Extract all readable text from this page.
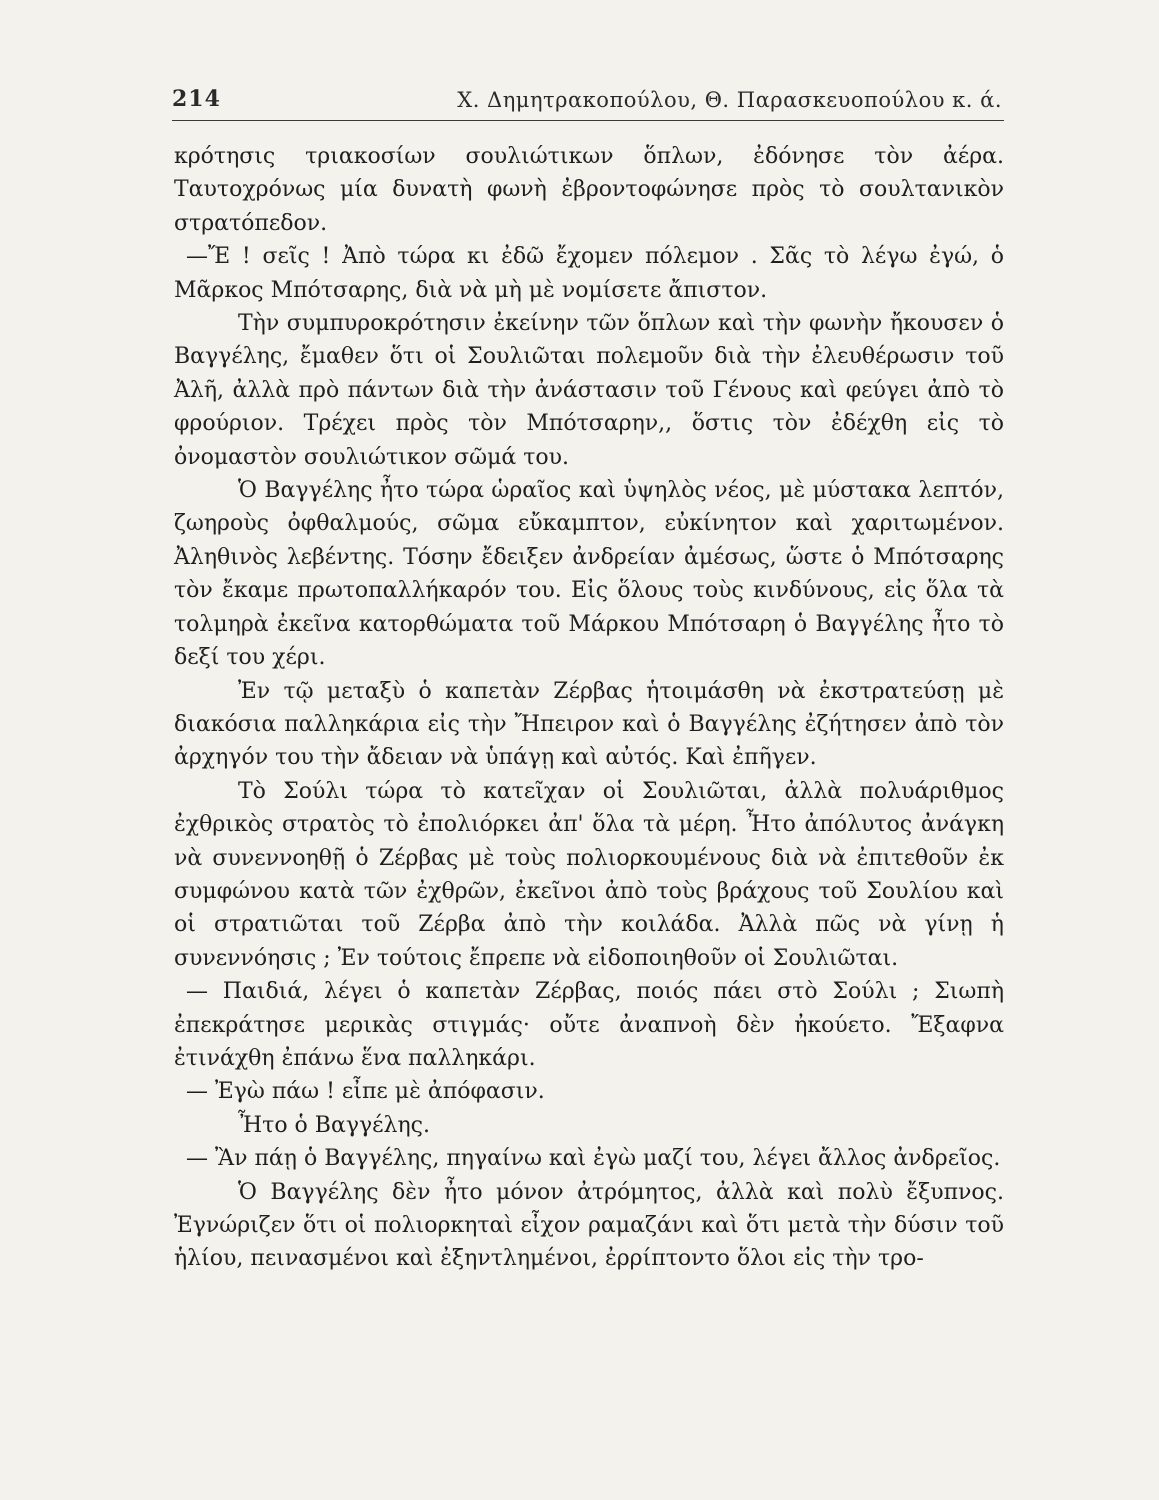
214	Χ. Δημητρακοπούλου, Θ. Παρασκευοπούλου κ. ά.

κρότησις τριακοσίων σουλιώτικων ὅπλων, ἐδόνησε τὸν ἀέρα. Ταυτοχρόνως μία δυνατὴ φωνὴ ἐβροντοφώνησε πρὸς τὸ σουλτανικὸν στρατόπεδον.

—Ἔ ! σεῖς ! Ἀπὸ τώρα κι ἐδῶ ἔχομεν πόλεμον . Σᾶς τὸ λέγω ἐγώ, ὁ Μᾶρκος Μπότσαρης, διὰ νὰ μὴ μὲ νομίσετε ἄπιστον.

Τὴν συμπυροκρότησιν ἐκείνην τῶν ὅπλων καὶ τὴν φωνὴν ἤκουσεν ὁ Βαγγέλης, ἔμαθεν ὅτι οἱ Σουλιῶται πολεμοῦν διὰ τὴν ἐλευθέρωσιν τοῦ Ἀλῆ, ἀλλὰ πρὸ πάντων διὰ τὴν ἀνάστασιν τοῦ Γένους καὶ φεύγει ἀπὸ τὸ φρούριον. Τρέχει πρὸς τὸν Μπότσαρην,, ὅστις τὸν ἐδέχθη εἰς τὸ ὀνομαστὸν σουλιώτικον σῶμά του.

Ὁ Βαγγέλης ἦτο τώρα ὡραῖος καὶ ὑψηλὸς νέος, μὲ μύστακα λεπτόν, ζωηροὺς ὀφθαλμούς, σῶμα εὔκαμπτον, εὐκίνητον καὶ χαριτωμένον. Ἀληθινὸς λεβέντης. Τόσην ἔδειξεν ἀνδρείαν ἀμέσως, ὥστε ὁ Μπότσαρης τὸν ἔκαμε πρωτοπαλλήκαρόν του. Εἰς ὅλους τοὺς κινδύνους, εἰς ὅλα τὰ τολμηρὰ ἐκεῖνα κατορθώματα τοῦ Μάρκου Μπότσαρη ὁ Βαγγέλης ἦτο τὸ δεξί του χέρι.

Ἐν τῷ μεταξὺ ὁ καπετὰν Ζέρβας ἡτοιμάσθη νὰ ἐκστρατεύσῃ μὲ διακόσια παλληκάρια εἰς τὴν Ἤπειρον καὶ ὁ Βαγγέλης ἐζήτησεν ἀπὸ τὸν ἀρχηγόν του τὴν ἄδειαν νὰ ὑπάγῃ καὶ αὐτός. Καὶ ἐπῆγεν.

Τὸ Σούλι τώρα τὸ κατεῖχαν οἱ Σουλιῶται, ἀλλὰ πολυάριθμος ἐχθρικὸς στρατὸς τὸ ἐπολιόρκει ἀπ' ὅλα τὰ μέρη. Ἦτο ἀπόλυτος ἀνάγκη νὰ συνεννοηθῇ ὁ Ζέρβας μὲ τοὺς πολιορκουμένους διὰ νὰ ἐπιτεθοῦν ἐκ συμφώνου κατὰ τῶν ἐχθρῶν, ἐκεῖνοι ἀπὸ τοὺς βράχους τοῦ Σουλίου καὶ οἱ στρατιῶται τοῦ Ζέρβα ἀπὸ τὴν κοιλάδα. Ἀλλὰ πῶς νὰ γίνῃ ἡ συνεννόησις ; Ἐν τούτοις ἔπρεπε νὰ εἰδοποιηθοῦν οἱ Σουλιῶται.

— Παιδιά, λέγει ὁ καπετὰν Ζέρβας, ποιός πάει στὸ Σούλι ; Σιωπὴ ἐπεκράτησε μερικὰς στιγμάς· οὔτε ἀναπνοὴ δὲν ἠκούετο. Ἔξαφνα ἐτινάχθη ἐπάνω ἕνα παλληκάρι.

— Ἐγὼ πάω ! εἶπε μὲ ἀπόφασιν.

Ἦτο ὁ Βαγγέλης.

— Ἂν πάῃ ὁ Βαγγέλης, πηγαίνω καὶ ἐγὼ μαζί του, λέγει ἄλλος ἀνδρεῖος.

Ὁ Βαγγέλης δὲν ἦτο μόνον ἀτρόμητος, ἀλλὰ καὶ πολὺ ἔξυπνος. Ἐγνώριζεν ὅτι οἱ πολιορκηταὶ εἶχον ραμαζάνι καὶ ὅτι μετὰ τὴν δύσιν τοῦ ἡλίου, πεινασμένοι καὶ ἐξηντλημένοι, ἐρρίπτοντο ὅλοι εἰς τὴν τρο-
